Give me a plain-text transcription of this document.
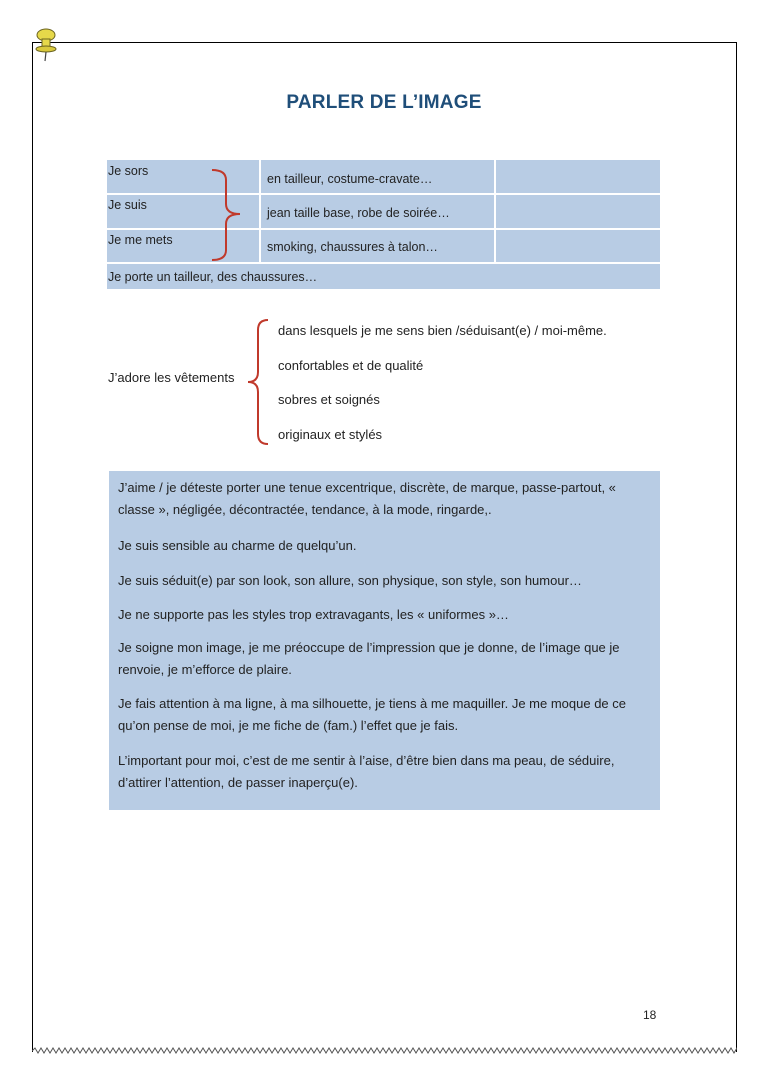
PARLER DE L’IMAGE
Je sors
Je suis
Je me mets
en tailleur, costume-cravate…
jean taille base, robe de soirée…
smoking, chaussures à talon…
Je porte un tailleur, des chaussures…
J’adore les vêtements
dans lesquels je me sens bien /séduisant(e) / moi-même.
confortables et de qualité
sobres et soignés
originaux et stylés
J’aime / je déteste porter une tenue excentrique, discrète, de marque, passe-partout, « classe », négligée, décontractée, tendance, à la mode, ringarde,.
Je suis sensible au charme de quelqu’un.
Je suis séduit(e) par son look, son allure, son physique, son style, son humour…
Je ne supporte pas les styles trop extravagants, les « uniformes »…
Je soigne mon image, je me préoccupe de l’impression que je donne, de l’image que je renvoie, je m’efforce de plaire.
Je fais attention à ma ligne, à ma silhouette, je tiens à me maquiller. Je me moque de ce qu’on pense de moi, je me fiche de (fam.) l’effet que je fais.
L’important pour moi, c’est de me sentir à l’aise, d’être bien dans ma peau, de séduire, d’attirer l’attention, de passer inaperçu(e).
18
